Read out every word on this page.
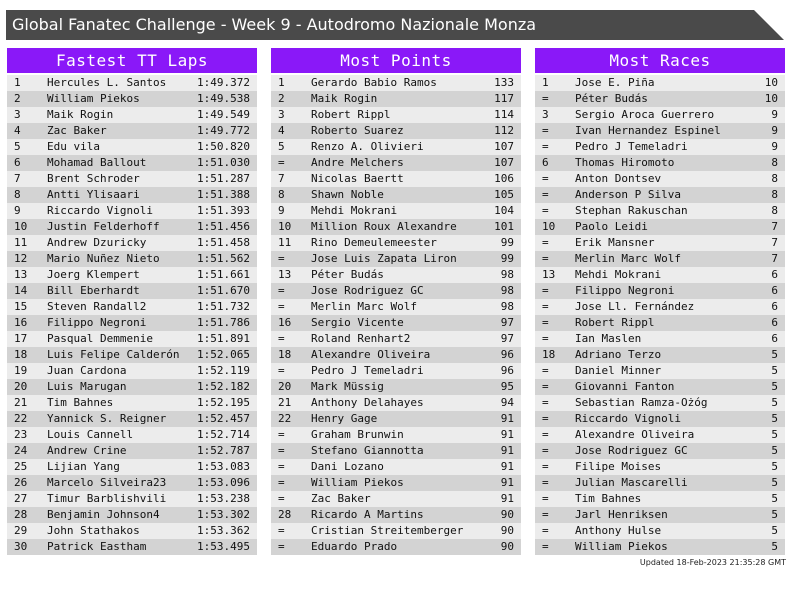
Global Fanatec Challenge - Week 9 - Autodromo Nazionale Monza
Fastest TT Laps
1 Hercules L. Santos	1:49.372
2 William Piekos	1:49.538
3 Maik Rogin	1:49.549
4 Zac Baker	1:49.772
5 Edu vila	1:50.820
6 Mohamad Ballout	1:51.030
7 Brent Schroder	1:51.287
8 Antti Ylisaari	1:51.388
9 Riccardo Vignoli	1:51.393
10 Justin Felderhoff	1:51.456
11 Andrew Dzuricky	1:51.458
12 Mario Nuñez Nieto	1:51.562
13 Joerg Klempert	1:51.661
14 Bill Eberhardt	1:51.670
15 Steven Randall2	1:51.732
16 Filippo Negroni	1:51.786
17 Pasqual Demmenie	1:51.891
18 Luis Felipe Calderón 1:52.065
19 Juan Cardona	1:52.119
20 Luis Marugan	1:52.182
21 Tim Bahnes	1:52.195
22 Yannick S. Reigner	1:52.457
23 Louis Cannell	1:52.714
24 Andrew Crine	1:52.787
25 Lijian Yang	1:53.083
26 Marcelo Silveira23	1:53.096
27 Timur Barblishvili	1:53.238
28 Benjamin Johnson4	1:53.302
29 John Stathakos	1:53.362
30 Patrick Eastham	1:53.495
Most Points
1 Gerardo Babio Ramos	133
2 Maik Rogin	117
3 Robert Rippl	114
4 Roberto Suarez	112
5 Renzo A. Olivieri	107
= Andre Melchers	107
7 Nicolas Baertt	106
8 Shawn Noble	105
9 Mehdi Mokrani	104
10 Million Roux Alexandre	101
11 Rino Demeulemeester	99
= Jose Luis Zapata Liron	99
13 Péter Budás	98
= Jose Rodriguez GC	98
= Merlin Marc Wolf	98
16 Sergio Vicente	97
= Roland Renhart2	97
18 Alexandre Oliveira	96
= Pedro J Temeladri	96
20 Mark Müssig	95
21 Anthony Delahayes	94
22 Henry Gage	91
= Graham Brunwin	91
= Stefano Giannotta	91
= Dani Lozano	91
= William Piekos	91
= Zac Baker	91
28 Ricardo A Martins	90
= Cristian Streitemberger	90
= Eduardo Prado	90
Most Races
1 Jose E. Piña	10
= Péter Budás	10
3 Sergio Aroca Guerrero	9
= Ivan Hernandez Espinel	9
= Pedro J Temeladri	9
6 Thomas Hiromoto	8
= Anton Dontsev	8
= Anderson P Silva	8
= Stephan Rakuschan	8
10 Paolo Leidi	7
= Erik Mansner	7
= Merlin Marc Wolf	7
13 Mehdi Mokrani	6
= Filippo Negroni	6
= Jose Ll. Fernández	6
= Robert Rippl	6
= Ian Maslen	6
18 Adriano Terzo	5
= Daniel Minner	5
= Giovanni Fanton	5
= Sebastian Ramza-Ożóg	5
= Riccardo Vignoli	5
= Alexandre Oliveira	5
= Jose Rodriguez GC	5
= Filipe Moises	5
= Julian Mascarelli	5
= Tim Bahnes	5
= Jarl Henriksen	5
= Anthony Hulse	5
= William Piekos	5
Updated 18-Feb-2023 21:35:28 GMT
